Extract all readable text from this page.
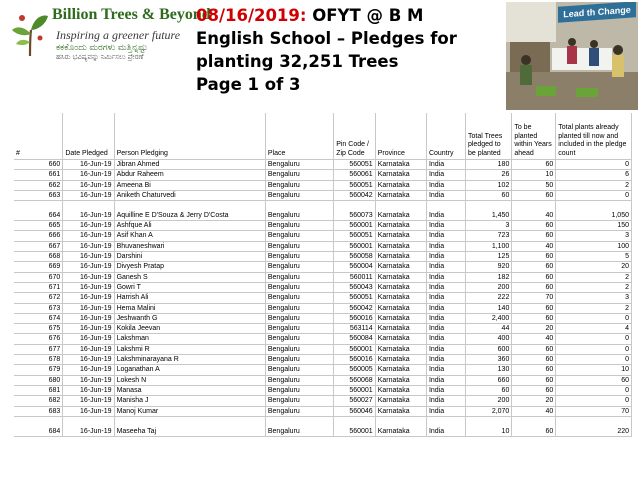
Billion Trees & Beyond
Inspiring a greener future
ಕಕಕೊಂದು ಮರಗಳು ಮತ್ತಿನ್ನಷ್ಟು
ಹಸಿರು ಭವಿಷ್ಯವನ್ನು ನಿರ್ಮಿಸಲು ಪ್ರೇರಣೆ
08/16/2019: OFYT @ B M
English School – Pledges for
planting 32,251 Trees
Page 1 of 3
Lead th Change
#	Date Pledged	Person Pledging	Place	Pin Code / Zip Code	Province	Country	Total Trees pledged to be planted	To be planted within Years ahead	Total plants already planted till now and included in the pledge count
660	16-Jun-19	Jibran Ahmed	Bengaluru	560051	Karnataka	India	180	60	0
661	16-Jun-19	Abdur Raheem	Bengaluru	560061	Karnataka	India	26	10	6
662	16-Jun-19	Ameena Bi	Bengaluru	560051	Karnataka	India	102	50	2
663	16-Jun-19	Aniketh Chaturvedi	Bengaluru	560042	Karnataka	India	60	60	0
664	16-Jun-19	Aquilline E D'Souza & Jerry D'Costa	Bengaluru	560073	Karnataka	India	1,450	40	1,050
665	16-Jun-19	Ashfque Ali	Bengaluru	560001	Karnataka	India	3	60	150
666	16-Jun-19	Asif Khan A	Bengaluru	560051	Karnataka	India	723	60	3
667	16-Jun-19	Bhuvaneshwari	Bengaluru	560001	Karnataka	India	1,100	40	100
668	16-Jun-19	Darshini	Bengaluru	560058	Karnataka	India	125	60	5
669	16-Jun-19	Divyesh Pratap	Bengaluru	560004	Karnataka	India	920	60	20
670	16-Jun-19	Ganesh S	Bengaluru	560011	Karnataka	India	182	60	2
671	16-Jun-19	Gowri T	Bengaluru	560043	Karnataka	India	200	60	2
672	16-Jun-19	Harrish Ali	Bengaluru	560051	Karnataka	India	222	70	3
673	16-Jun-19	Hema Malini	Bengaluru	560042	Karnataka	India	140	60	2
674	16-Jun-19	Jeshwanth G	Bengaluru	560016	Karnataka	India	2,400	60	0
675	16-Jun-19	Kokila Jeevan	Bengaluru	563114	Karnataka	India	44	20	4
676	16-Jun-19	Lakshman	Bengaluru	560084	Karnataka	India	400	40	0
677	16-Jun-19	Lakshmi R	Bengaluru	560001	Karnataka	India	600	60	0
678	16-Jun-19	Lakshminarayana R	Bengaluru	560016	Karnataka	India	360	60	0
679	16-Jun-19	Loganathan A	Bengaluru	560005	Karnataka	India	130	60	10
680	16-Jun-19	Lokesh N	Bengaluru	560068	Karnataka	India	660	60	60
681	16-Jun-19	Manasa	Bengaluru	560001	Karnataka	India	60	60	0
682	16-Jun-19	Manisha J	Bengaluru	560027	Karnataka	India	200	20	0
683	16-Jun-19	Manoj Kumar	Bengaluru	560046	Karnataka	India	2,070	40	70
684	16-Jun-19	Maseeha Taj	Bengaluru	560001	Karnataka	India	10	60	220
